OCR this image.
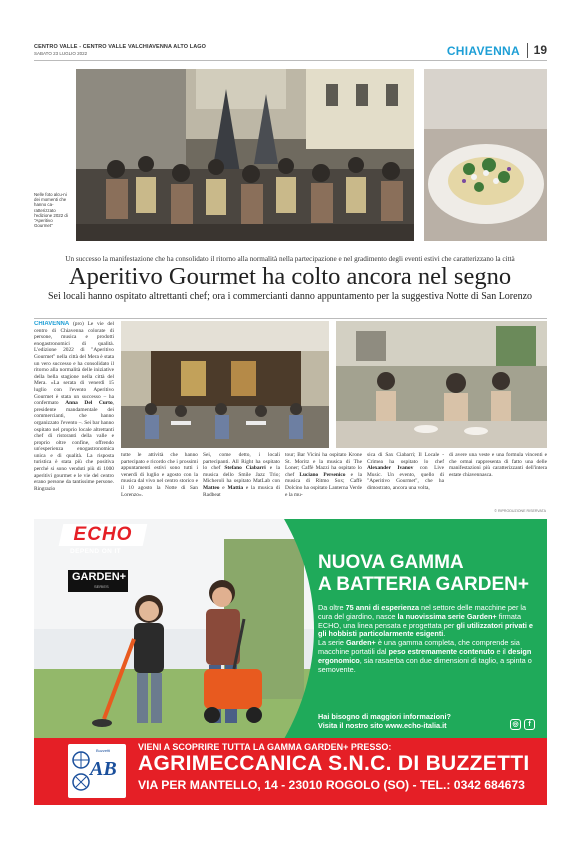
CENTRO VALLE - CENTRO VALLE VALCHIAVENNA ALTO LAGO
SABATO 23 LUGLIO 2022	CHIAVENNA 19
Nelle foto alcu-ni dei momenti che hanno ca-ratterizzato l'edizione 2022 di "Aperitivo Gourmet"
Un successo la manifestazione che ha consolidato il ritorno alla normalità nella partecipazione e nel gradimento degli eventi estivi che caratterizzano la città
Aperitivo Gourmet ha colto ancora nel segno
Sei locali hanno ospitato altrettanti chef; ora i commercianti danno appuntamento per la suggestiva Notte di San Lorenzo
CHIAVENNA (pro) Le vie del centro di Chiavenna colorate di persone, musica e prodotti enogastronomici di qualità. L'edizione 2022 di "Aperitivo Gourmet" nella città del Mera è stata un vero successo e ha consolidato il ritorno alla normalità delle iniziative della bella stagione nella città del Mera. «La serata di venerdì 15 luglio con l'evento Aperitivo Gourmet è stata un successo – ha confermato Anna Del Curto, presidente mandamentale dei commercianti, che hanno organizzato l'evento –. Sei bar hanno ospitato nel proprio locale altrettanti chef di ristoranti della valle e proprio oltre confine, offrendo un'esperienza enogastronomica unica e di qualità. La risposta turistica è stata più che positiva perché si sono venduti più di 1000 aperitivi gourmet e le vie del centro erano persone da tantissime persone. Ringrazio
tutte le attività che hanno partecipato e ricordo che i prossimi appuntamenti estivi sono tutti i venerdì di luglio e agosto con la musica dal vivo nel centro storico e il 10 agosto la Notte di San Lorenzo».
Sei, come detto, i locali partecipanti. All Right ha ospitato lo chef Stefano Ciabarri e la musica dello Smile Jazz Trio; Micheroli ha ospitato MatLab con Matteo e Mattia e la musica di Radbeat
tour; Bar Vicini ha ospitato Krone St. Moritz e la musica di The Loner; Caffè Mazzi ha ospitato lo chef Luciano Persenico e la musica di Ritmo Sox; Caffè Dolcino ha ospitato Lanterna Verde e la mu-
sica di Sax Ciabarri; Il Locale - Crimea ha ospitato lo chef Alexander Ivanov con Live Music. Un evento, quello di "Aperitivo Gourmet", che ha dimostrato, ancora una volta,
di avere una veste e una formula vincenti e che ormai rappresenta di fatto una delle manifestazioni più caratterizzanti dell'intera estate chiavennasca.
© RIPRODUZIONE RISERVATA
ECHO
DEPEND ON IT
GARDEN+
SERIES
NUOVA GAMMA
A BATTERIA GARDEN+

Da oltre 75 anni di esperienza nel settore delle macchine per la cura del giardino, nasce la nuovissima serie Garden+ firmata ECHO, una linea pensata e progettata per gli utilizzatori privati e gli hobbisti particolarmente esigenti.

La serie Garden+ è una gamma completa, che comprende sia macchine portatili dal peso estremamente contenuto e il design ergonomico, sia rasaerba con due dimensioni di taglio, a spinta o semovente.

Hai bisogno di maggiori informazioni?
Visita il nostro sito www.echo-italia.it	◎	f
AB
Buzzetti	VIENI A SCOPRIRE TUTTA LA GAMMA GARDEN+ PRESSO:
AGRIMECCANICA S.N.C. DI BUZZETTI
VIA PER MANTELLO, 14 - 23010 ROGOLO (SO) - TEL.: 0342 684673
